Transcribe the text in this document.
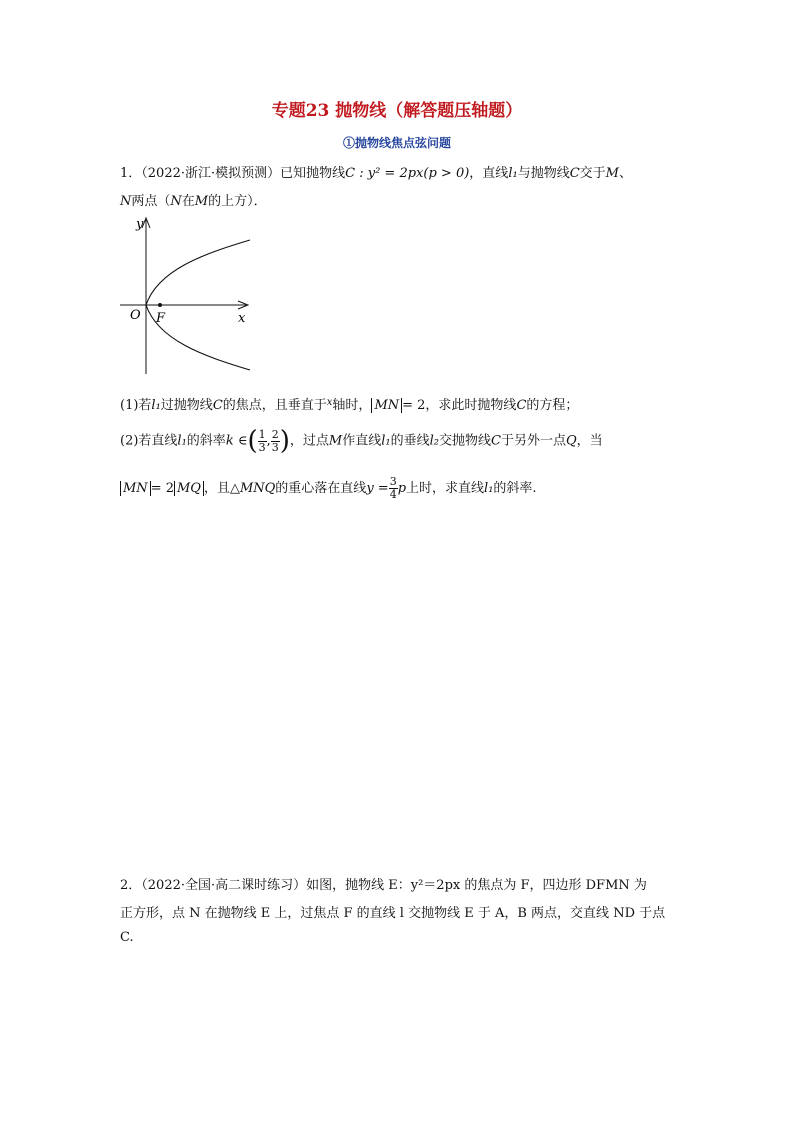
专题23 抛物线（解答题压轴题）
①抛物线焦点弦问题
1．（2022·浙江·模拟预测）已知抛物线C : y² = 2px(p > 0)，直线l₁与抛物线C交于M、
N两点（N在M的上方）．
y
x
O F
(1)若l₁过抛物线C的焦点，且垂直于$^x$轴时， MN = 2，求此时抛物线C的方程；
(2)若直线l₁的斜率k ∈( $\frac{1}{3}$ , $\frac{2}{3}$ )，过点M作直线l₁的垂线l₂交抛物线C于另外一点Q，当
MN = 2 MQ ，且△MNQ的重心落在直线$y = \frac{3}{4}$ p上时，求直线l₁的斜率.
2．（2022·全国·高二课时练习）如图，抛物线 E：y²＝2px 的焦点为 F，四边形 DFMN 为
正方形，点 N 在抛物线 E 上，过焦点 F 的直线 l 交抛物线 E 于 A，B 两点，交直线 ND 于点
C.
